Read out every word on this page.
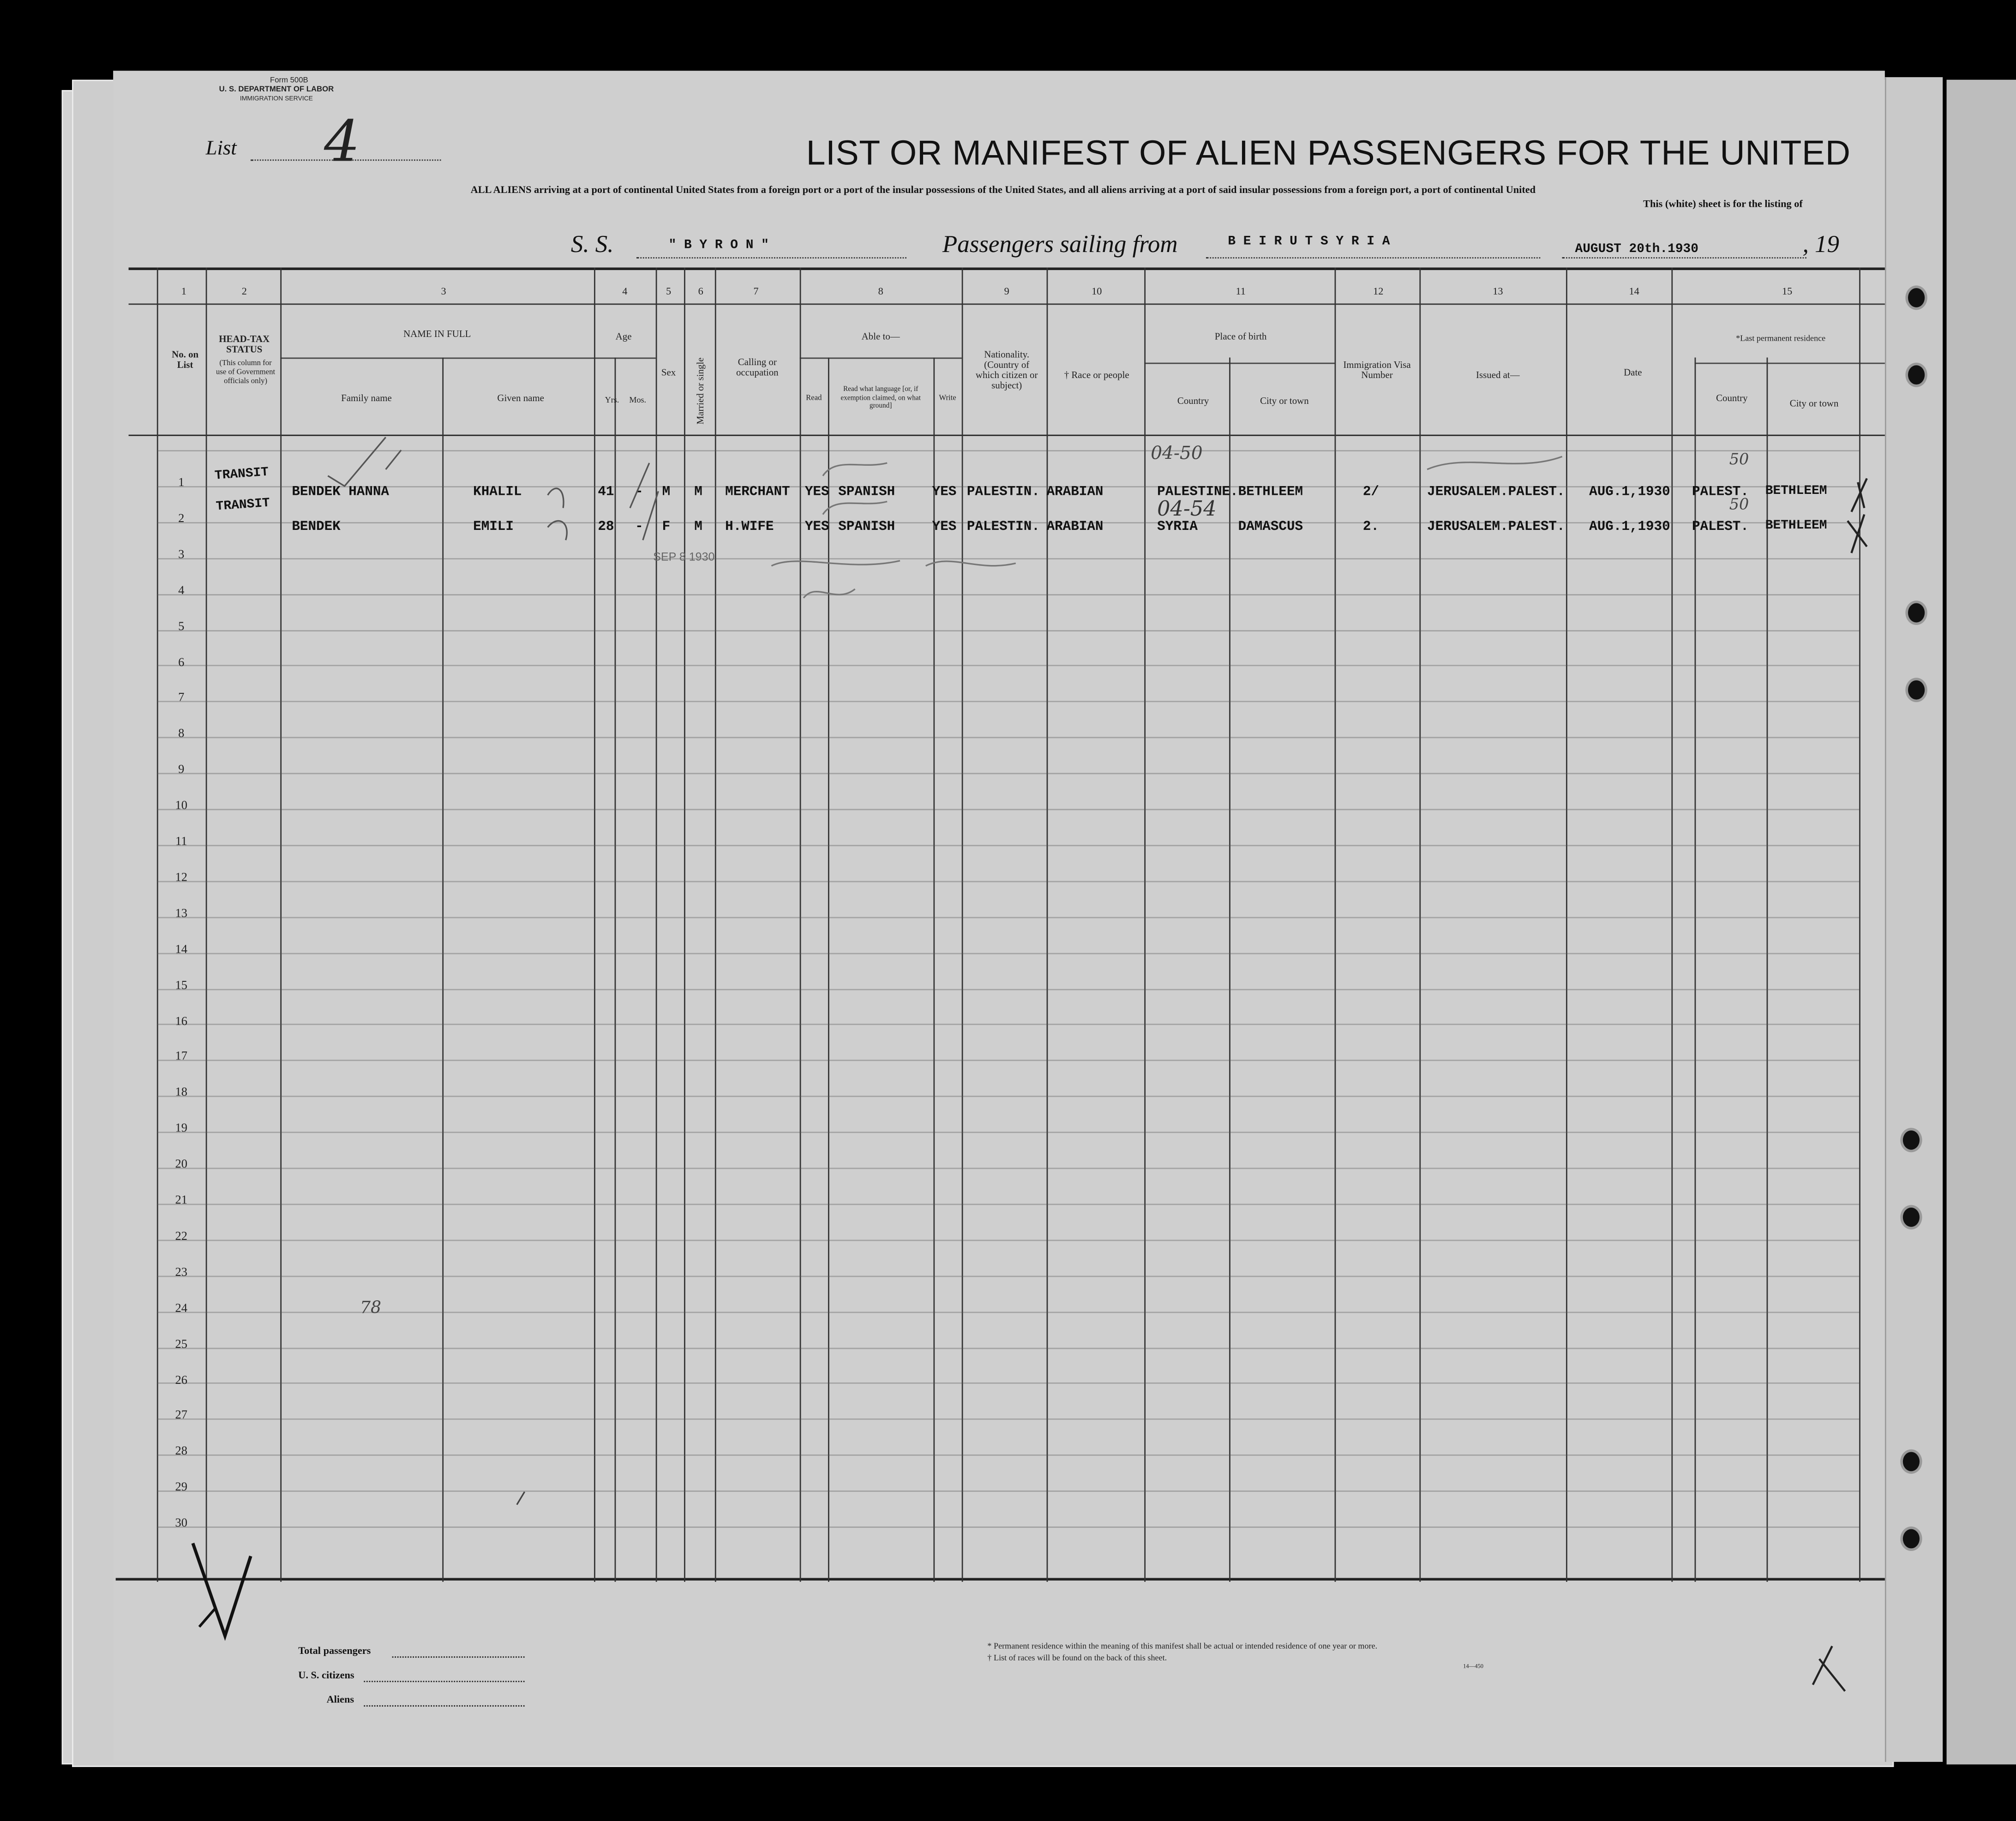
Form 500B
U. S. DEPARTMENT OF LABOR
IMMIGRATION SERVICE
List	4	LIST OR MANIFEST OF ALIEN PASSENGERS FOR THE UNITED
ALL ALIENS arriving at a port of continental United States from a foreign port or a port of the insular possessions of the United States, and all aliens arriving at a port of said insular possessions from a foreign port, a port of continental United
This (white) sheet is for the listing of
S. S.	" B Y R O N "	Passengers sailing from	B E I R U T S Y R I A
AUGUST 20th.1930	, 19
1	2	3	4	5	6	7	8	9	10	11	12	13	14	15
No. on List
HEAD-TAX STATUS
(This column for use of Government officials only)
NAME IN FULL
Family name	Given name
Age
Yrs.	Mos.
Sex	Married or single	Calling or occupation
Able to—
Read
Read what language [or, if exemption claimed, on what ground]
Write
Nationality. (Country of which citizen or subject)
† Race or people
Place of birth
Country	City or town
Immigration Visa Number	Issued at—	Date
*Last permanent residence
Country	City or town
1
2
3
4
5
6
7
8
9
10
11
12
13
14
15
16
17
18
19
20
21
22
23
24
25
26
27
28
29
30
TRANSIT
BENDEK HANNA	KHALIL	41	-	M	M	MERCHANT	YES SPANISH	YES PALESTIN. ARABIAN	PALESTINE. BETHLEEM	2/	JERUSALEM.PALEST.	AUG.1,1930	PALEST.	BETHLEEM
TRANSIT
BENDEK	EMILI	28	-	F	M	H.WIFE	YES SPANISH	YES PALESTIN. ARABIAN	SYRIA	DAMASCUS	2.	JERUSALEM.PALEST.	AUG.1,1930	PALEST.	BETHLEEM
04-50
04-54
50
50
SEP 8 1930
78
Total passengers
U. S. citizens
Aliens
* Permanent residence within the meaning of this manifest shall be actual or intended residence of one year or more.
† List of races will be found on the back of this sheet.
14—450
